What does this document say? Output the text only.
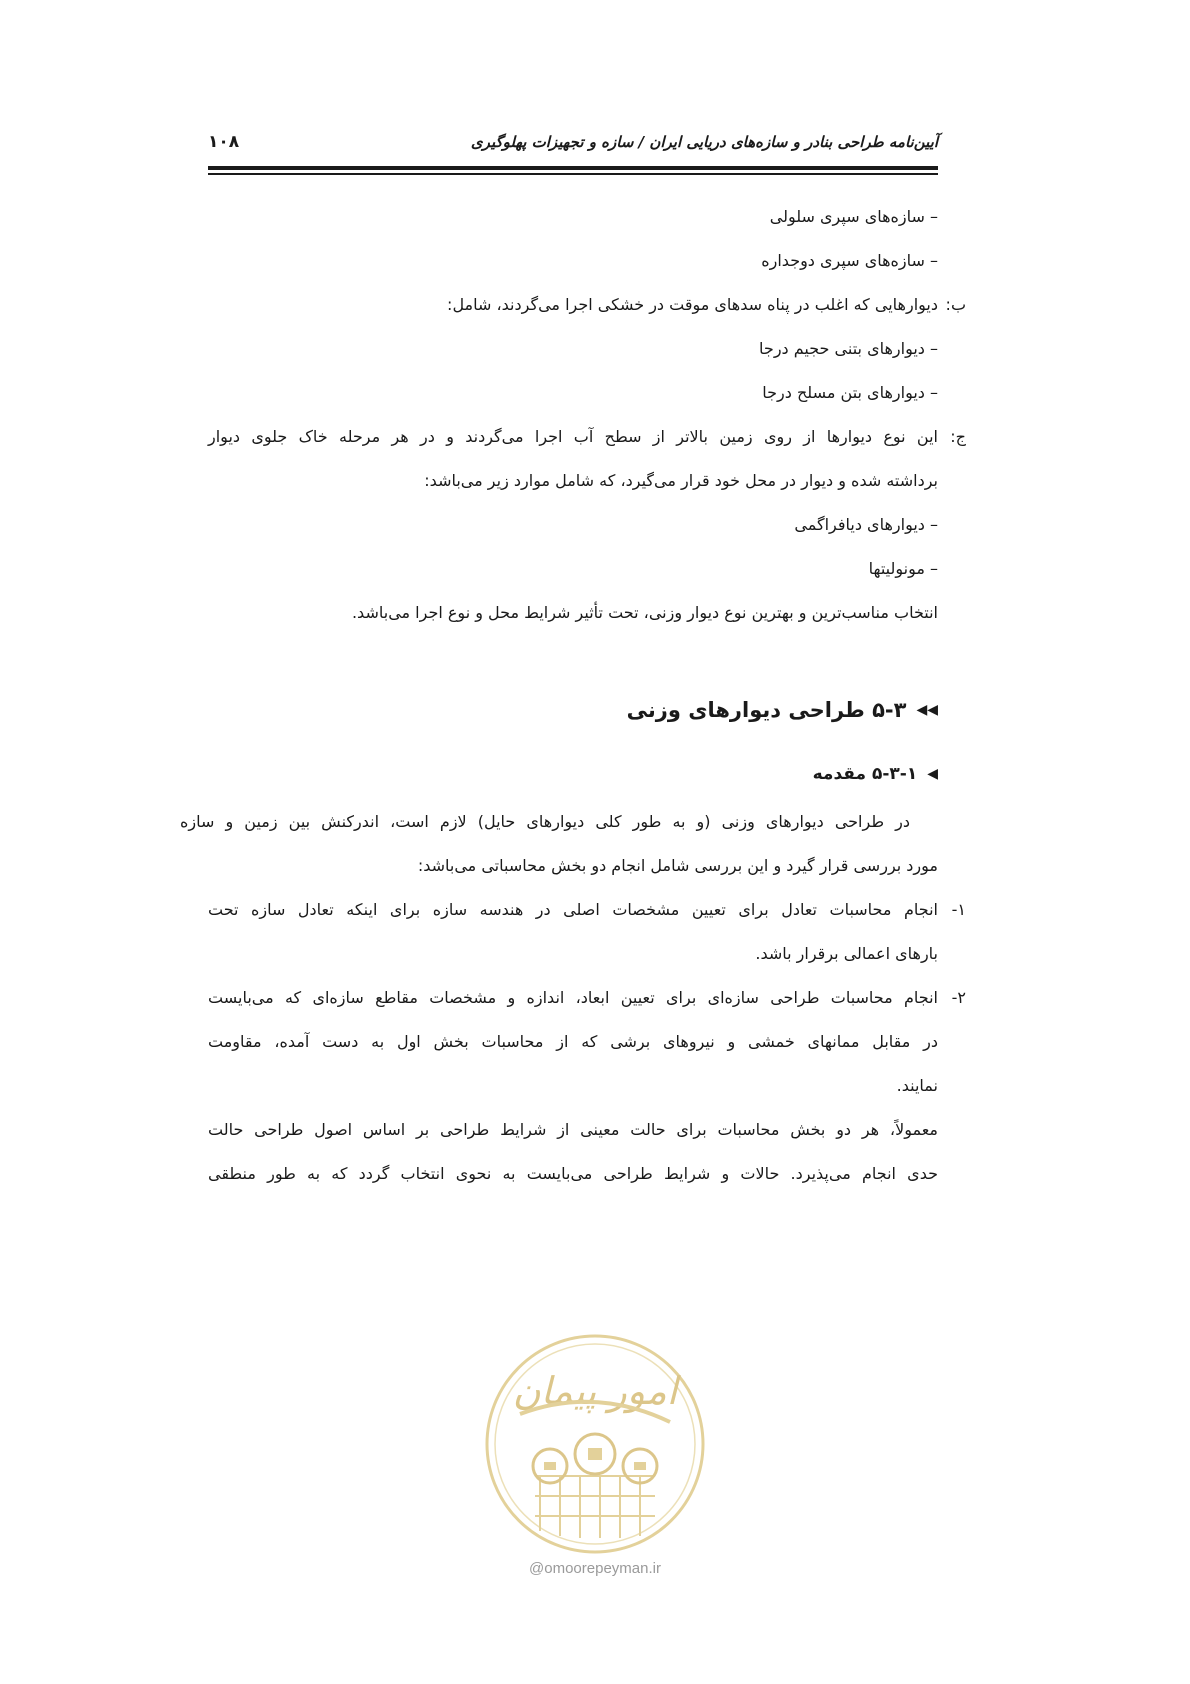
آیین‌نامه طراحی بنادر و سازه‌های دریایی ایران / سازه و تجهیزات پهلوگیری
۱۰۸
– سازه‌های سپری سلولی
– سازه‌های سپری دوجداره
ب:
دیوارهایی که اغلب در پناه سدهای موقت در خشکی اجرا می‌گردند، شامل:
– دیوارهای بتنی حجیم درجا
– دیوارهای بتن مسلح درجا
ج:
این نوع دیوارها از روی زمین بالاتر از سطح آب اجرا می‌گردند و در هر مرحله خاک جلوی دیوار
برداشته شده و دیوار در محل خود قرار می‌گیرد، که شامل موارد زیر می‌باشد:
– دیوارهای دیافراگمی
– مونولیتها
انتخاب مناسب‌ترین و بهترین نوع دیوار وزنی، تحت تأثیر شرایط محل و نوع اجرا می‌باشد.
◀◀
۵-۳ طراحی دیوارهای وزنی
◀
۵-۳-۱ مقدمه
در طراحی دیوارهای وزنی (و به طور کلی دیوارهای حایل) لازم است، اندرکنش بین زمین و سازه
مورد بررسی قرار گیرد و این بررسی شامل انجام دو بخش محاسباتی می‌باشد:
۱-
انجام محاسبات تعادل برای تعیین مشخصات اصلی در هندسه سازه برای اینکه تعادل سازه تحت
بارهای اعمالی برقرار باشد.
۲-
انجام محاسبات طراحی سازه‌ای برای تعیین ابعاد، اندازه و مشخصات مقاطع سازه‌ای که می‌بایست
در مقابل ممانهای خمشی و نیروهای برشی که از محاسبات بخش اول به دست آمده، مقاومت
نمایند.
معمولاً، هر دو بخش محاسبات برای حالت معینی از شرایط طراحی بر اساس اصول طراحی حالت
حدی انجام می‌پذیرد. حالات و شرایط طراحی می‌بایست به نحوی انتخاب گردد که به طور منطقی
امور پیمان
@omoorepeyman.ir
